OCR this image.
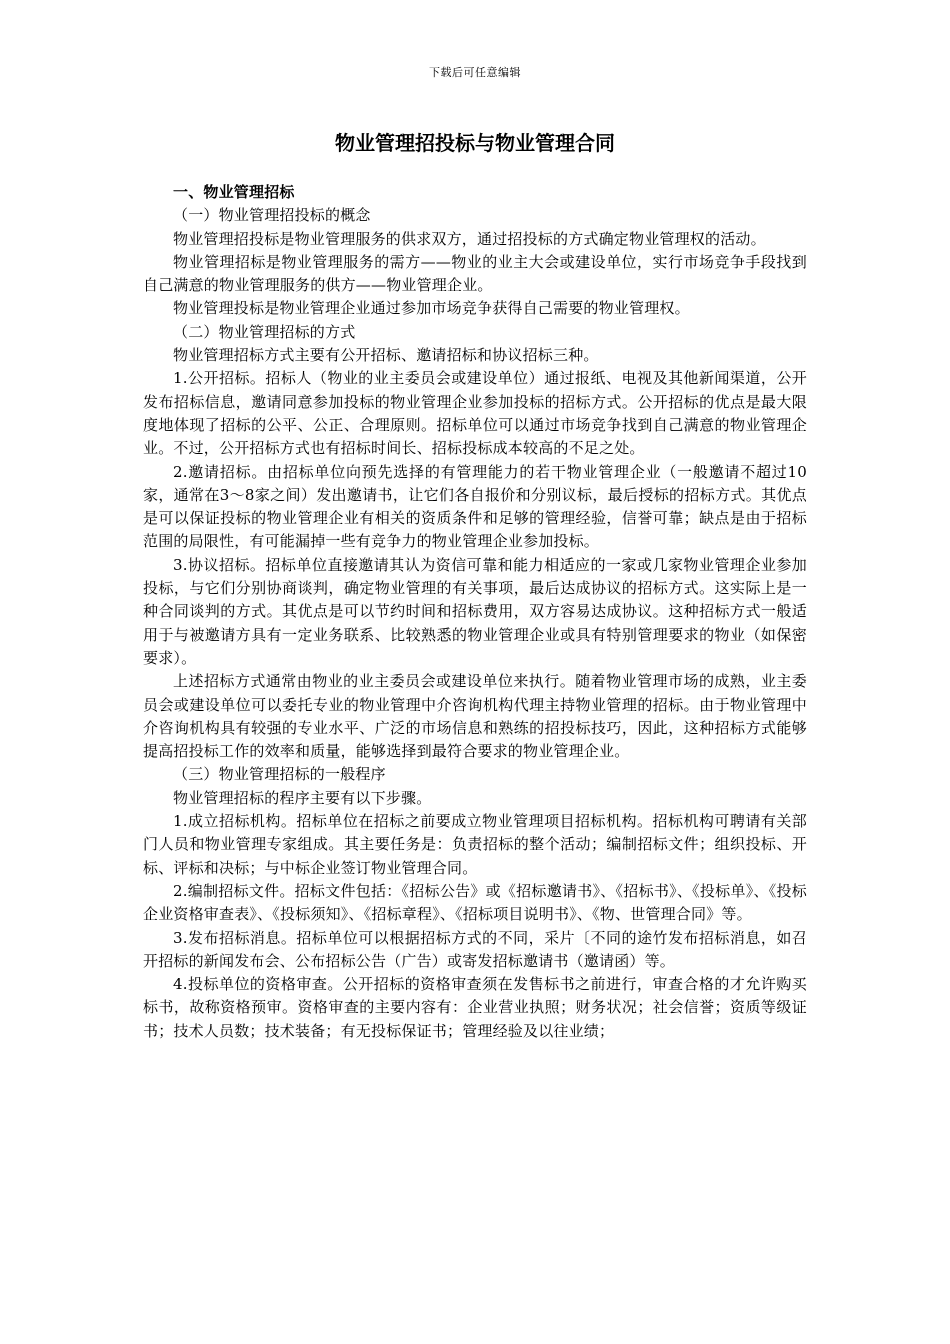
下载后可任意编辑
物业管理招投标与物业管理合同

一、物业管理招标

（一）物业管理招投标的概念

物业管理招投标是物业管理服务的供求双方，通过招投标的方式确定物业管理权的活动。

物业管理招标是物业管理服务的需方——物业的业主大会或建设单位，实行市场竞争手段找到自己满意的物业管理服务的供方——物业管理企业。

物业管理投标是物业管理企业通过参加市场竞争获得自己需要的物业管理权。

（二）物业管理招标的方式

物业管理招标方式主要有公开招标、邀请招标和协议招标三种。

1.公开招标。招标人（物业的业主委员会或建设单位）通过报纸、电视及其他新闻渠道，公开发布招标信息，邀请同意参加投标的物业管理企业参加投标的招标方式。公开招标的优点是最大限度地体现了招标的公平、公正、合理原则。招标单位可以通过市场竞争找到自己满意的物业管理企业。不过，公开招标方式也有招标时间长、招标投标成本较高的不足之处。

2.邀请招标。由招标单位向预先选择的有管理能力的若干物业管理企业（一般邀请不超过10家，通常在3～8家之间）发出邀请书，让它们各自报价和分别议标，最后授标的招标方式。其优点是可以保证投标的物业管理企业有相关的资质条件和足够的管理经验，信誉可靠；缺点是由于招标范围的局限性，有可能漏掉一些有竞争力的物业管理企业参加投标。

3.协议招标。招标单位直接邀请其认为资信可靠和能力相适应的一家或几家物业管理企业参加投标，与它们分别协商谈判，确定物业管理的有关事项，最后达成协议的招标方式。这实际上是一种合同谈判的方式。其优点是可以节约时间和招标费用，双方容易达成协议。这种招标方式一般适用于与被邀请方具有一定业务联系、比较熟悉的物业管理企业或具有特别管理要求的物业（如保密要求）。

上述招标方式通常由物业的业主委员会或建设单位来执行。随着物业管理市场的成熟，业主委员会或建设单位可以委托专业的物业管理中介咨询机构代理主持物业管理的招标。由于物业管理中介咨询机构具有较强的专业水平、广泛的市场信息和熟练的招投标技巧，因此，这种招标方式能够提高招投标工作的效率和质量，能够选择到最符合要求的物业管理企业。

（三）物业管理招标的一般程序

物业管理招标的程序主要有以下步骤。

1.成立招标机构。招标单位在招标之前要成立物业管理项目招标机构。招标机构可聘请有关部门人员和物业管理专家组成。其主要任务是：负责招标的整个活动；编制招标文件；组织投标、开标、评标和决标；与中标企业签订物业管理合同。

2.编制招标文件。招标文件包括：《招标公告》或《招标邀请书》、《招标书》、《投标单》、《投标企业资格审查表》、《投标须知》、《招标章程》、《招标项目说明书》、《物、世管理合同》等。

3.发布招标消息。招标单位可以根据招标方式的不同，采片〔不同的途竹发布招标消息，如召开招标的新闻发布会、公布招标公告（广告）或寄发招标邀请书（邀请函）等。

4.投标单位的资格审查。公开招标的资格审查须在发售标书之前进行，审查合格的才允许购买标书，故称资格预审。资格审查的主要内容有：企业营业执照；财务状况；社会信誉；资质等级证书；技术人员数；技术装备；有无投标保证书；管理经验及以往业绩；
